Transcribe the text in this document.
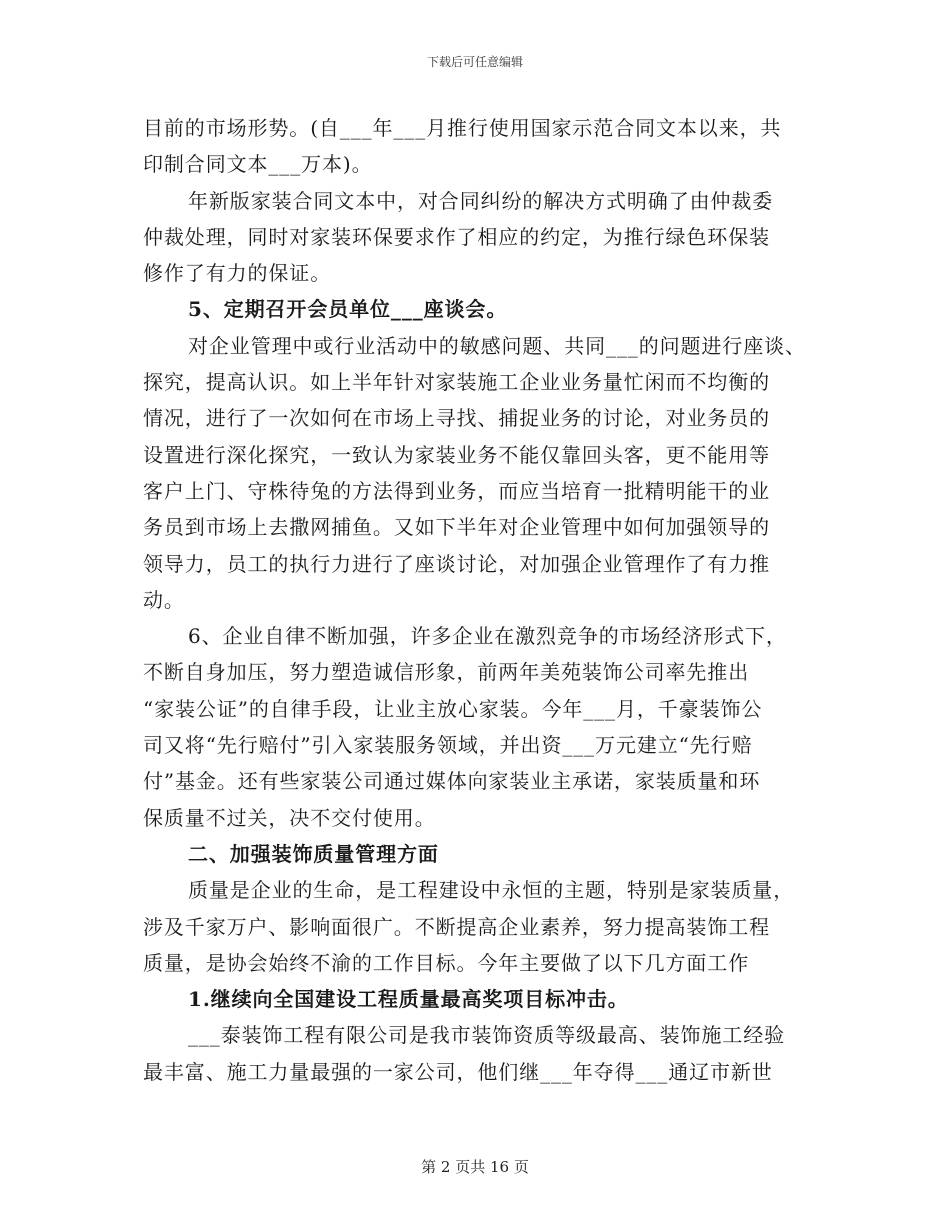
下载后可任意编辑
目前的市场形势。(自___年___月推行使用国家示范合同文本以来，共
印制合同文本___万本)。
年新版家装合同文本中，对合同纠纷的解决方式明确了由仲裁委
仲裁处理，同时对家装环保要求作了相应的约定，为推行绿色环保装
修作了有力的保证。
5、定期召开会员单位___座谈会。
对企业管理中或行业活动中的敏感问题、共同___的问题进行座谈、
探究，提高认识。如上半年针对家装施工企业业务量忙闲而不均衡的
情况，进行了一次如何在市场上寻找、捕捉业务的讨论，对业务员的
设置进行深化探究，一致认为家装业务不能仅靠回头客，更不能用等
客户上门、守株待兔的方法得到业务，而应当培育一批精明能干的业
务员到市场上去撒网捕鱼。又如下半年对企业管理中如何加强领导的
领导力，员工的执行力进行了座谈讨论，对加强企业管理作了有力推
动。
6、企业自律不断加强，许多企业在激烈竞争的市场经济形式下，
不断自身加压，努力塑造诚信形象，前两年美苑装饰公司率先推出
“家装公证”的自律手段，让业主放心家装。今年___月，千豪装饰公
司又将“先行赔付”引入家装服务领域，并出资___万元建立“先行赔
付”基金。还有些家装公司通过媒体向家装业主承诺，家装质量和环
保质量不过关，决不交付使用。
二、加强装饰质量管理方面
质量是企业的生命，是工程建设中永恒的主题，特别是家装质量，
涉及千家万户、影响面很广。不断提高企业素养，努力提高装饰工程
质量，是协会始终不渝的工作目标。今年主要做了以下几方面工作
1.继续向全国建设工程质量最高奖项目标冲击。
___泰装饰工程有限公司是我市装饰资质等级最高、装饰施工经验
最丰富、施工力量最强的一家公司，他们继___年夺得___通辽市新世
第 2 页共 16 页
